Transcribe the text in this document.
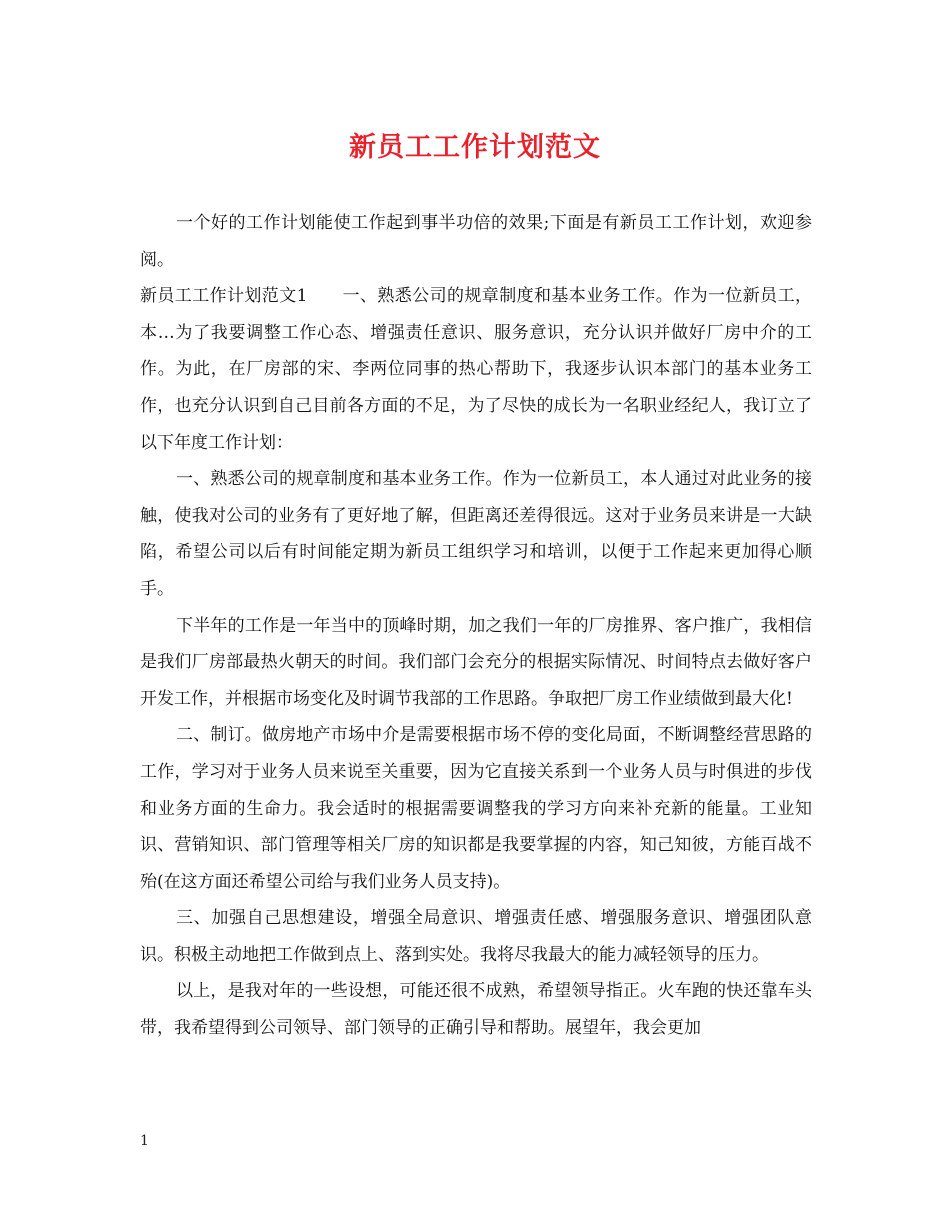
新员工工作计划范文

一个好的工作计划能使工作起到事半功倍的效果;下面是有新员工工作计划，欢迎参阅。

新员工工作计划范文1　　一、熟悉公司的规章制度和基本业务工作。作为一位新员工，本…为了我要调整工作心态、增强责任意识、服务意识，充分认识并做好厂房中介的工作。为此，在厂房部的宋、李两位同事的热心帮助下，我逐步认识本部门的基本业务工作，也充分认识到自己目前各方面的不足，为了尽快的成长为一名职业经纪人，我订立了以下年度工作计划：

一、熟悉公司的规章制度和基本业务工作。作为一位新员工，本人通过对此业务的接触，使我对公司的业务有了更好地了解，但距离还差得很远。这对于业务员来讲是一大缺陷，希望公司以后有时间能定期为新员工组织学习和培训，以便于工作起来更加得心顺手。

下半年的工作是一年当中的顶峰时期，加之我们一年的厂房推界、客户推广，我相信是我们厂房部最热火朝天的时间。我们部门会充分的根据实际情况、时间特点去做好客户开发工作，并根据市场变化及时调节我部的工作思路。争取把厂房工作业绩做到最大化!

二、制订。做房地产市场中介是需要根据市场不停的变化局面，不断调整经营思路的工作，学习对于业务人员来说至关重要，因为它直接关系到一个业务人员与时俱进的步伐和业务方面的生命力。我会适时的根据需要调整我的学习方向来补充新的能量。工业知识、营销知识、部门管理等相关厂房的知识都是我要掌握的内容，知己知彼，方能百战不殆(在这方面还希望公司给与我们业务人员支持)。

三、加强自己思想建设，增强全局意识、增强责任感、增强服务意识、增强团队意识。积极主动地把工作做到点上、落到实处。我将尽我最大的能力减轻领导的压力。

以上，是我对年的一些设想，可能还很不成熟，希望领导指正。火车跑的快还靠车头带，我希望得到公司领导、部门领导的正确引导和帮助。展望年，我会更加

1
